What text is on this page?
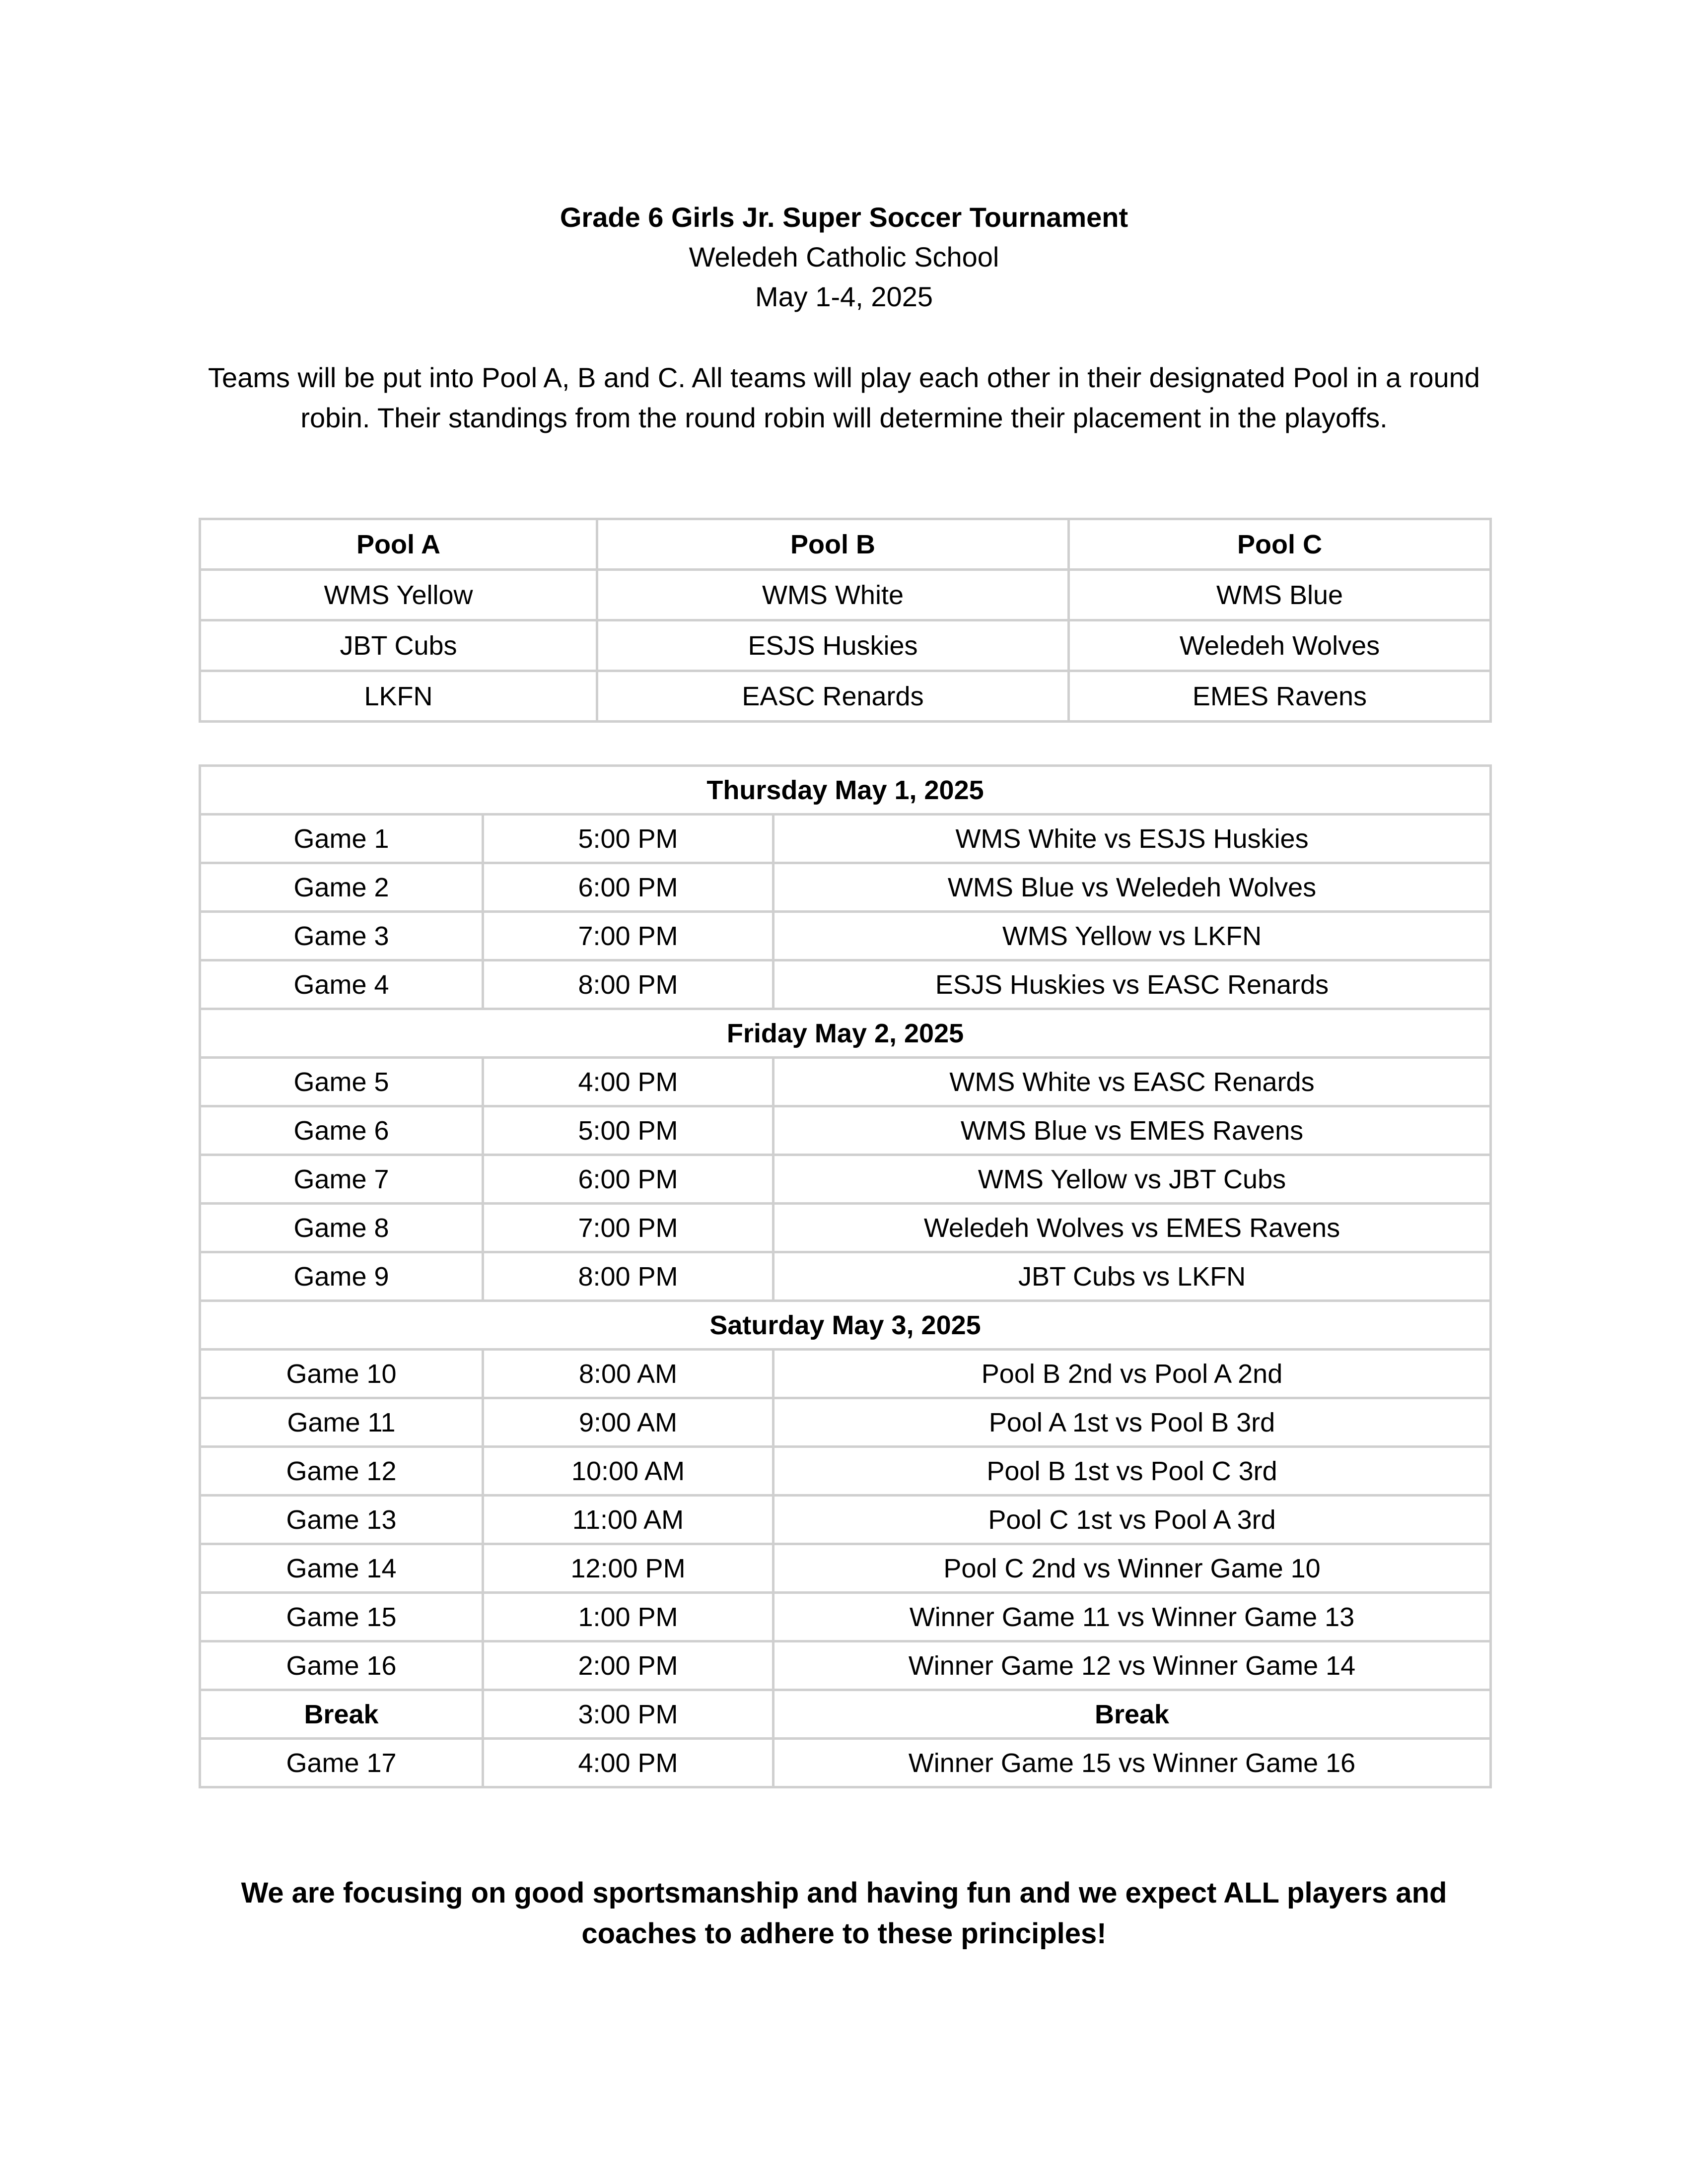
Grade 6 Girls Jr. Super Soccer Tournament
Weledeh Catholic School
May 1-4, 2025
Teams will be put into Pool A, B and C. All teams will play each other in their designated Pool in a round robin. Their standings from the round robin will determine their placement in the playoffs.
Pool A	Pool B	Pool C
WMS Yellow	WMS White	WMS Blue
JBT Cubs	ESJS Huskies	Weledeh Wolves
LKFN	EASC Renards	EMES Ravens
Thursday May 1, 2025		
Game 1	5:00 PM	WMS White vs ESJS Huskies
Game 2	6:00 PM	WMS Blue vs Weledeh Wolves
Game 3	7:00 PM	WMS Yellow vs LKFN
Game 4	8:00 PM	ESJS Huskies vs EASC Renards
Friday May 2, 2025		
Game 5	4:00 PM	WMS White vs EASC Renards
Game 6	5:00 PM	WMS Blue vs EMES Ravens
Game 7	6:00 PM	WMS Yellow vs JBT Cubs
Game 8	7:00 PM	Weledeh Wolves vs EMES Ravens
Game 9	8:00 PM	JBT Cubs vs LKFN
Saturday May 3, 2025		
Game 10	8:00 AM	Pool B 2nd vs Pool A 2nd
Game 11	9:00 AM	Pool A 1st vs Pool B 3rd
Game 12	10:00 AM	Pool B 1st vs Pool C 3rd
Game 13	11:00 AM	Pool C 1st vs Pool A 3rd
Game 14	12:00 PM	Pool C 2nd vs Winner Game 10
Game 15	1:00 PM	Winner Game 11 vs Winner Game 13
Game 16	2:00 PM	Winner Game 12 vs Winner Game 14
Break	3:00 PM	Break
Game 17	4:00 PM	Winner Game 15 vs Winner Game 16
We are focusing on good sportsmanship and having fun and we expect ALL players and coaches to adhere to these principles!
